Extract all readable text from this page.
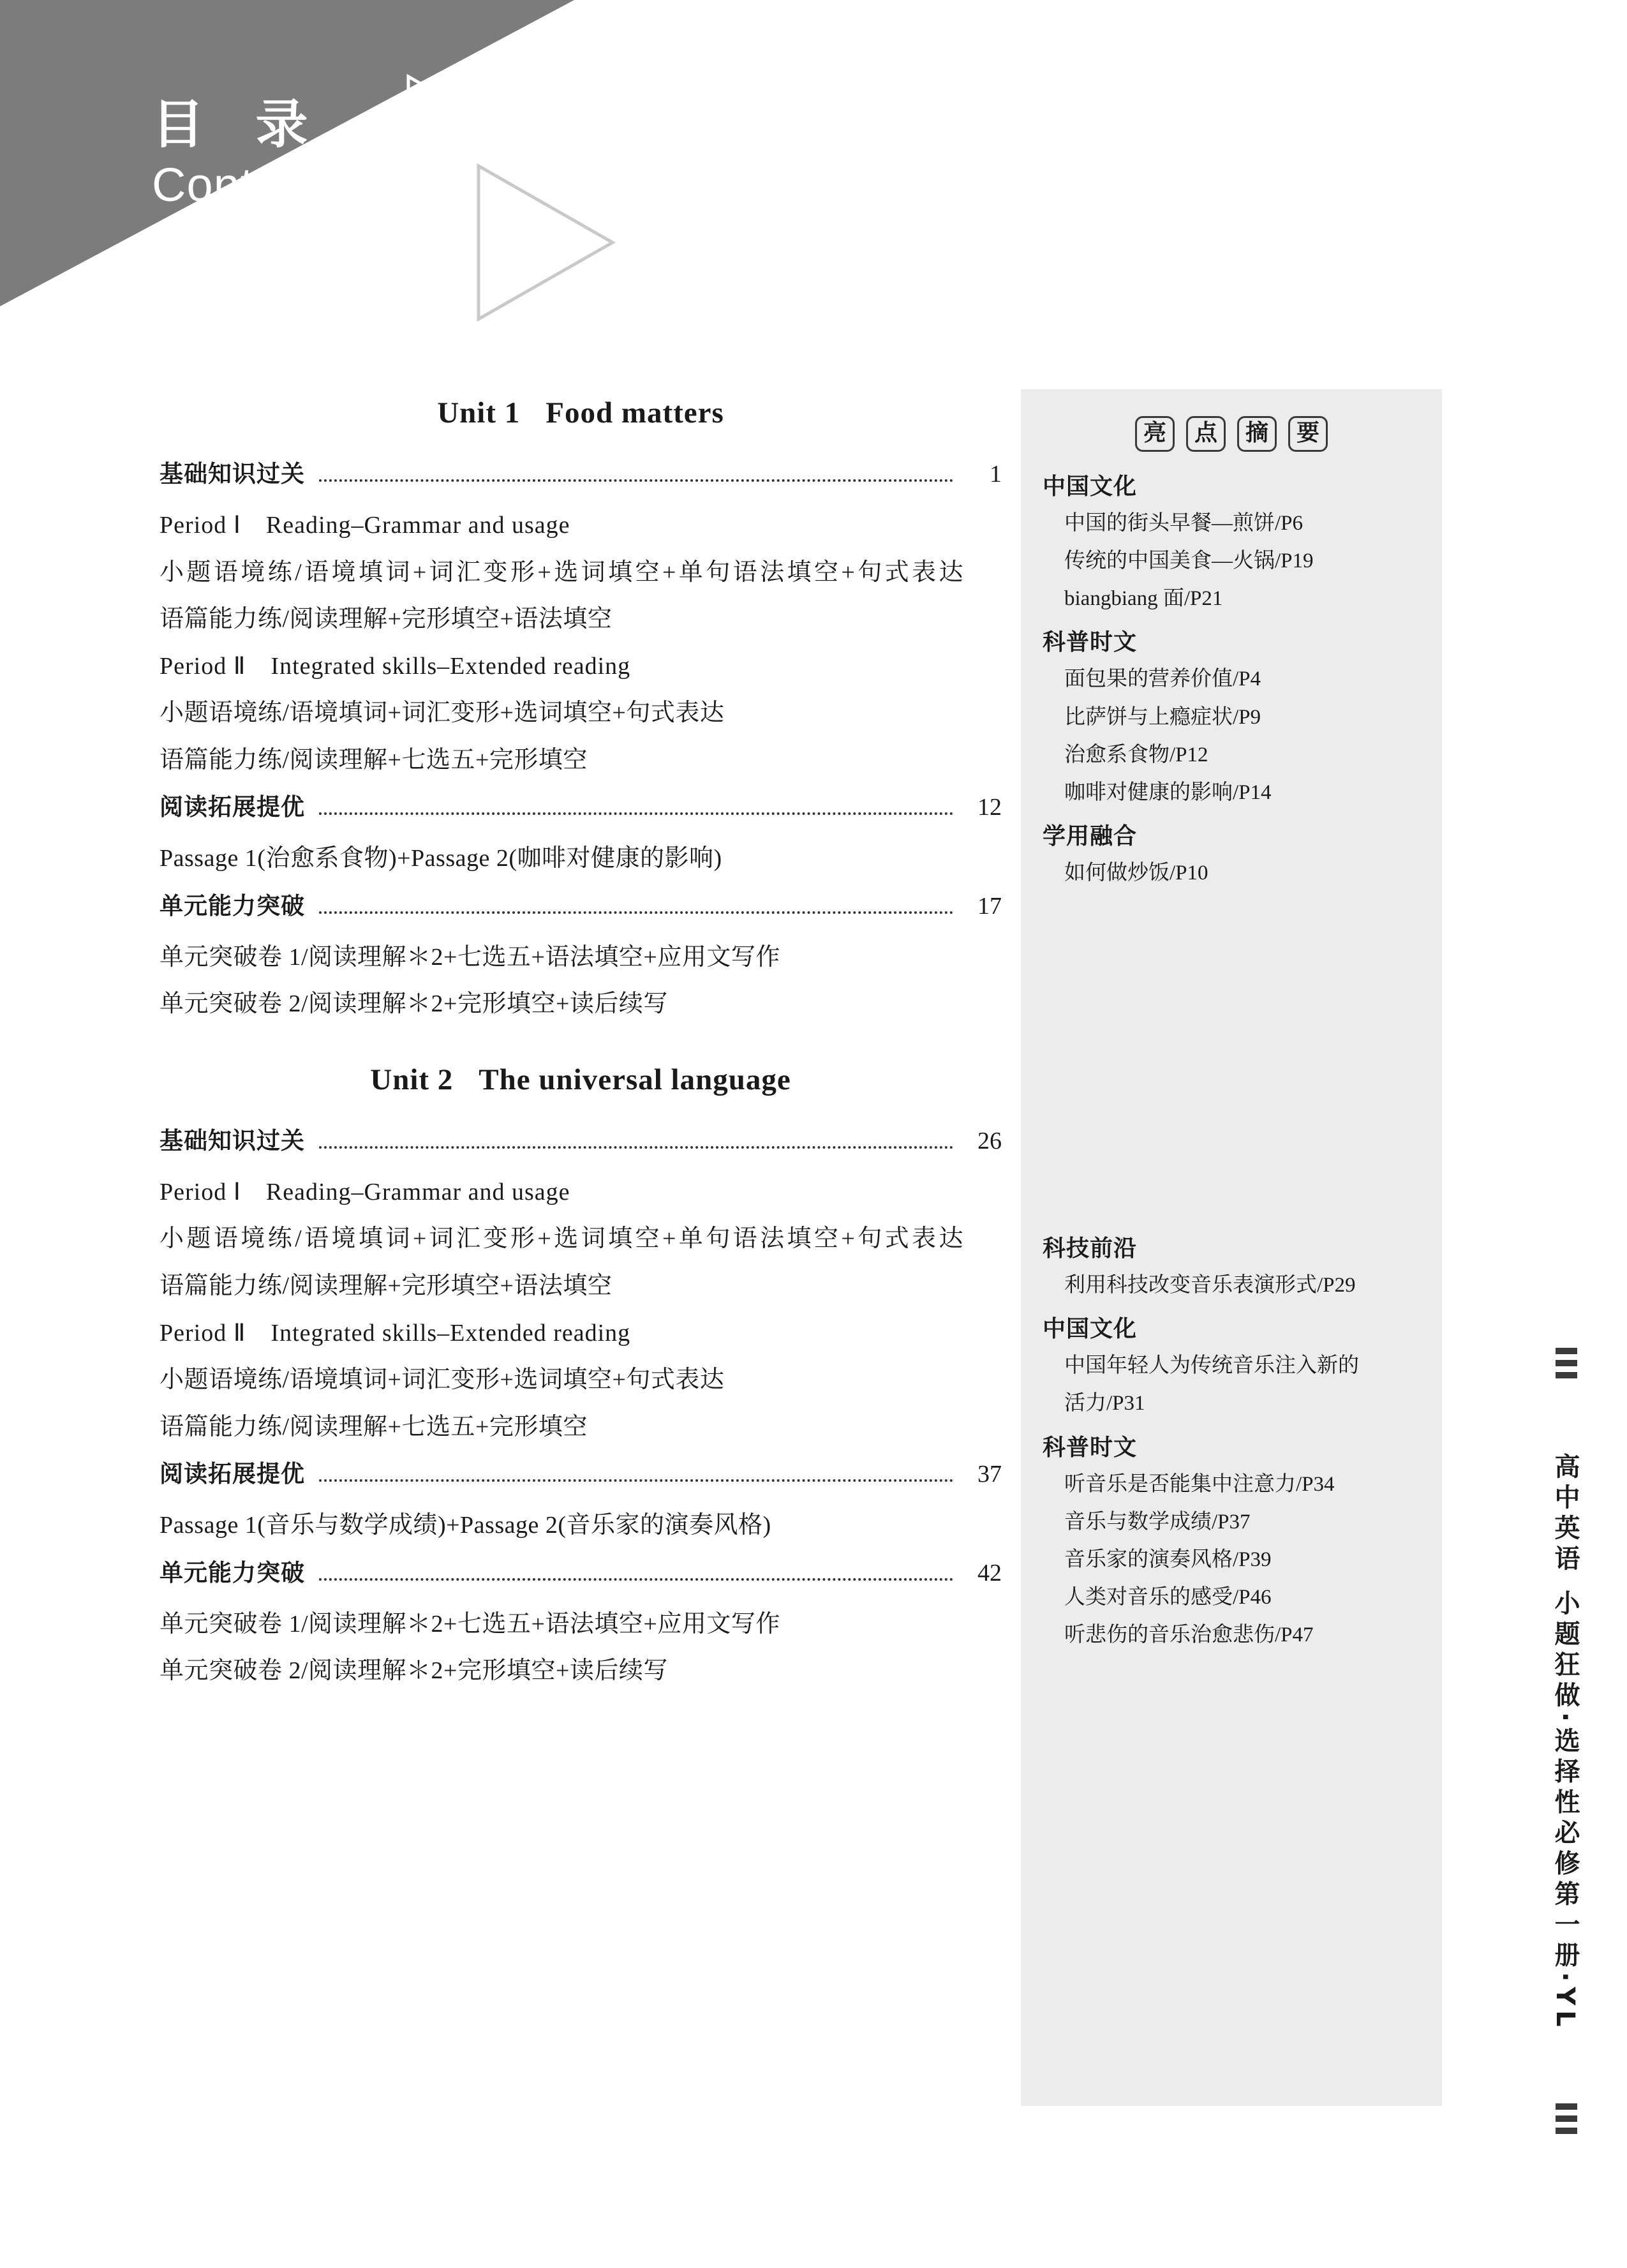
目 录
Contents
Unit 1 Food matters
基础知识过关	1
Period Ⅰ　Reading–Grammar and usage
小题语境练/语境填词+词汇变形+选词填空+单句语法填空+句式表达
语篇能力练/阅读理解+完形填空+语法填空
Period Ⅱ　Integrated skills–Extended reading
小题语境练/语境填词+词汇变形+选词填空+句式表达
语篇能力练/阅读理解+七选五+完形填空
阅读拓展提优	12
Passage 1(治愈系食物)+Passage 2(咖啡对健康的影响)
单元能力突破	17
单元突破卷 1/阅读理解＊2+七选五+语法填空+应用文写作
单元突破卷 2/阅读理解＊2+完形填空+读后续写
Unit 2 The universal language
基础知识过关	26
Period Ⅰ　Reading–Grammar and usage
小题语境练/语境填词+词汇变形+选词填空+单句语法填空+句式表达
语篇能力练/阅读理解+完形填空+语法填空
Period Ⅱ　Integrated skills–Extended reading
小题语境练/语境填词+词汇变形+选词填空+句式表达
语篇能力练/阅读理解+七选五+完形填空
阅读拓展提优	37
Passage 1(音乐与数学成绩)+Passage 2(音乐家的演奏风格)
单元能力突破	42
单元突破卷 1/阅读理解＊2+七选五+语法填空+应用文写作
单元突破卷 2/阅读理解＊2+完形填空+读后续写
亮 点 摘 要
中国文化
中国的街头早餐—煎饼/P6
传统的中国美食—火锅/P19
biangbiang 面/P21
科普时文
面包果的营养价值/P4
比萨饼与上瘾症状/P9
治愈系食物/P12
咖啡对健康的影响/P14
学用融合
如何做炒饭/P10
科技前沿
利用科技改变音乐表演形式/P29
中国文化
中国年轻人为传统音乐注入新的
活力/P31
科普时文
听音乐是否能集中注意力/P34
音乐与数学成绩/P37
音乐家的演奏风格/P39
人类对音乐的感受/P46
听悲伤的音乐治愈悲伤/P47	高中英语 小题狂做·选择性必修第一册·YL
